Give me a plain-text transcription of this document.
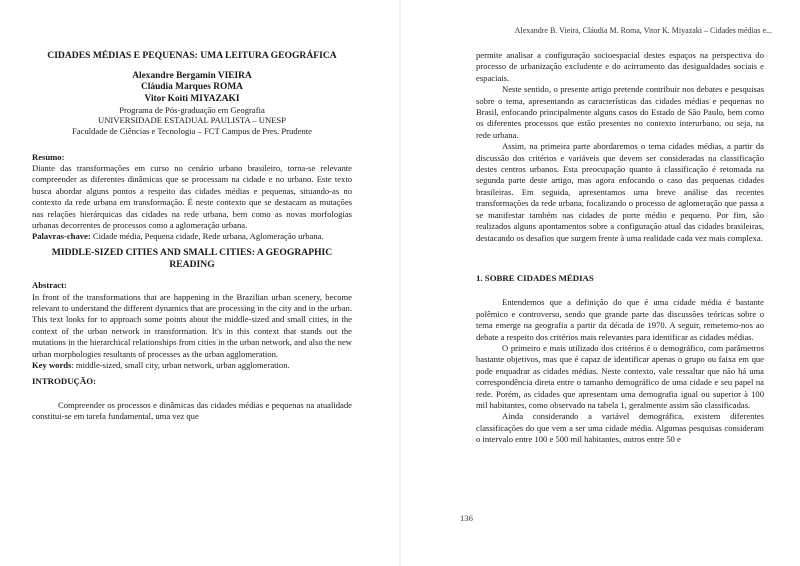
CIDADES MÉDIAS E PEQUENAS: UMA LEITURA GEOGRÁFICA
Alexandre Bergamin VIEIRA
Cláudia Marques ROMA
Vitor Koiti MIYAZAKI
Programa de Pós-graduação em Geografia
UNIVERSIDADE ESTADUAL PAULISTA – UNESP
Faculdade de Ciências e Tecnologia – FCT Campus de Pres. Prudente
Resumo:

Diante das transformações em curso no cenário urbano brasileiro, torna-se relevante compreender as diferentes dinâmicas que se processam na cidade e no urbano. Este texto busca abordar alguns pontos a respeito das cidades médias e pequenas, situando-as no contexto da rede urbana em transformação. É neste contexto que se destacam as mutações nas relações hierárquicas das cidades na rede urbana, bem como as novas morfologias urbanas decorrentes de processos como a aglomeração urbana.

Palavras-chave: Cidade média, Pequena cidade, Rede urbana, Aglomeração urbana.

MIDDLE-SIZED CITIES AND SMALL CITIES: A GEOGRAPHIC READING
Abstract:

In front of the transformations that are happening in the Brazilian urban scenery, become relevant to understand the different dynamics that are processing in the city and in the urban. This text looks for to approach some points about the middle-sized and small cities, in the context of the urban network in transformation. It's in this context that stands out the mutations in the hierarchical relationships from cities in the urban network, and also the new urban morphologies resultants of processes as the urban agglomeration.

Key words: middle-sized, small city, urban network, urban agglomeration.

INTRODUÇÃO:

Compreender os processos e dinâmicas das cidades médias e pequenas na atualidade constitui-se em tarefa fundamental, uma vez que

Alexandre B. Vieira, Cláudia M. Roma, Vitor K. Miyazaki – Cidades médias e...

permite analisar a configuração socioespacial destes espaços na perspectiva do processo de urbanização excludente e do acirramento das desigualdades sociais e espaciais.

Neste sentido, o presente artigo pretende contribuir nos debates e pesquisas sobre o tema, apresentando as características das cidades médias e pequenas no Brasil, enfocando principalmente alguns casos do Estado de São Paulo, bem como os diferentes processos que estão presentes no contexto interurbano, ou seja, na rede urbana.

Assim, na primeira parte abordaremos o tema cidades médias, a partir da discussão dos critérios e variáveis que devem ser consideradas na classificação destes centros urbanos. Esta preocupação quanto à classificação é retomada na segunda parte deste artigo, mas agora enfocando o caso das pequenas cidades brasileiras. Em seguida, apresentamos uma breve análise das recentes transformações da rede urbana, focalizando o processo de aglomeração que passa a se manifestar também nas cidades de porte médio e pequeno. Por fim, são realizados alguns apontamentos sobre a configuração atual das cidades brasileiras, destacando os desafios que surgem frente à uma realidade cada vez mais complexa.

1. SOBRE CIDADES MÉDIAS

Entendemos que a definição do que é uma cidade média é bastante polêmico e controverso, sendo que grande parte das discussões teóricas sobre o tema emerge na geografia a partir da década de 1970. A seguir, remetemo-nos ao debate a respeito dos critérios mais relevantes para identificar as cidades médias.

O primeiro e mais utilizado dos critérios é o demográfico, com parâmetros bastante objetivos, mas que é capaz de identificar apenas o grupo ou faixa em que pode enquadrar as cidades médias. Neste contexto, vale ressaltar que não há uma correspondência direta entre o tamanho demográfico de uma cidade e seu papel na rede. Porém, as cidades que apresentam uma demografia igual ou superior à 100 mil habitantes, como observado na tabela 1, geralmente assim são classificadas.

Ainda considerando a variável demográfica, existem diferentes classificações do que vem a ser uma cidade média. Algumas pesquisas consideram o intervalo entre 100 e 500 mil habitantes, outros entre 50 e

136
